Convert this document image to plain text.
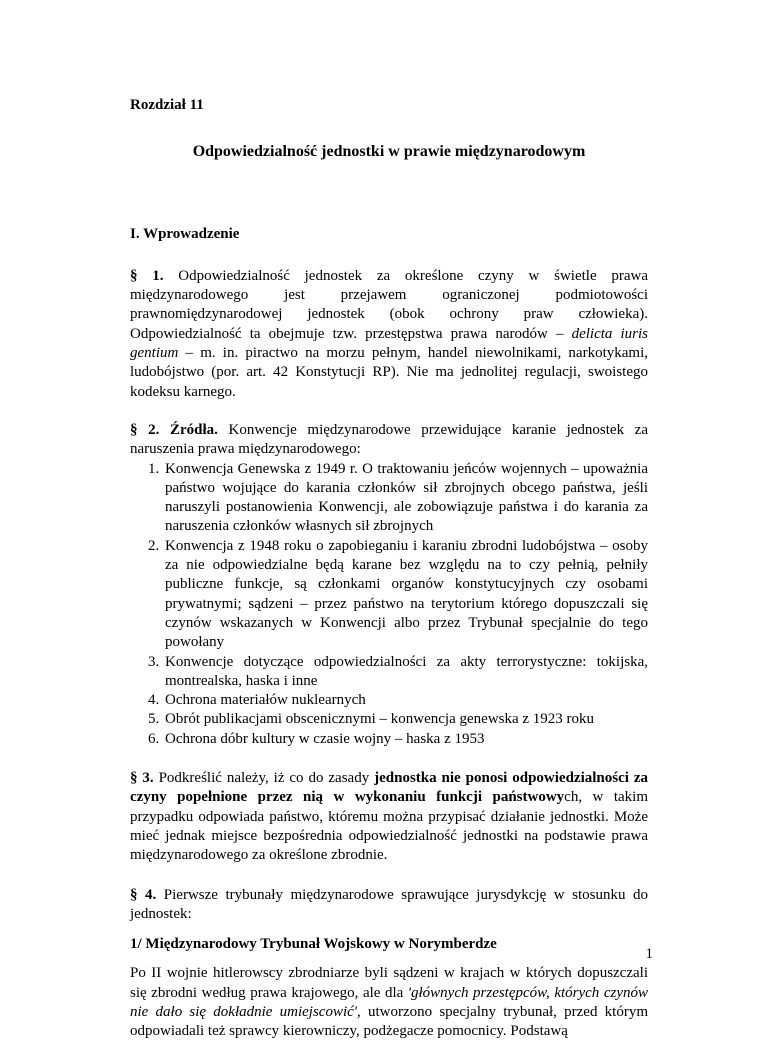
Rozdział 11

Odpowiedzialność jednostki w prawie międzynarodowym

I. Wprowadzenie

§ 1. Odpowiedzialność jednostek za określone czyny w świetle prawa międzynarodowego jest przejawem ograniczonej podmiotowości prawnomiędzynarodowej jednostek (obok ochrony praw człowieka). Odpowiedzialność ta obejmuje tzw. przestępstwa prawa narodów – delicta iuris gentium – m. in. piractwo na morzu pełnym, handel niewolnikami, narkotykami, ludobójstwo (por. art. 42 Konstytucji RP). Nie ma jednolitej regulacji, swoistego kodeksu karnego.

§ 2. Źródła. Konwencje międzynarodowe przewidujące karanie jednostek za naruszenia prawa międzynarodowego:

1. Konwencja Genewska z 1949 r. O traktowaniu jeńców wojennych – upoważnia państwo wojujące do karania członków sił zbrojnych obcego państwa, jeśli naruszyli postanowienia Konwencji, ale zobowiązuje państwa i do karania za naruszenia członków własnych sił zbrojnych
2. Konwencja z 1948 roku o zapobieganiu i karaniu zbrodni ludobójstwa – osoby za nie odpowiedzialne będą karane bez względu na to czy pełnią, pełniły publiczne funkcje, są członkami organów konstytucyjnych czy osobami prywatnymi; sądzeni – przez państwo na terytorium którego dopuszczali się czynów wskazanych w Konwencji albo przez Trybunał specjalnie do tego powołany
3. Konwencje dotyczące odpowiedzialności za akty terrorystyczne: tokijska, montrealska, haska i inne
4. Ochrona materiałów nuklearnych
5. Obrót publikacjami obscenicznymi – konwencja genewska z 1923 roku
6. Ochrona dóbr kultury w czasie wojny – haska z 1953

§ 3. Podkreślić należy, iż co do zasady jednostka nie ponosi odpowiedzialności za czyny popełnione przez nią w wykonaniu funkcji państwowych, w takim przypadku odpowiada państwo, któremu można przypisać działanie jednostki. Może mieć jednak miejsce bezpośrednia odpowiedzialność jednostki na podstawie prawa międzynarodowego za określone zbrodnie.

§ 4. Pierwsze trybunały międzynarodowe sprawujące jurysdykcję w stosunku do jednostek:

1/ Międzynarodowy Trybunał Wojskowy w Norymberdze

Po II wojnie hitlerowscy zbrodniarze byli sądzeni w krajach w których dopuszczali się zbrodni według prawa krajowego, ale dla 'głównych przestępców, których czynów nie dało się dokładnie umiejscowić', utworzono specjalny trybunał, przed którym odpowiadali też sprawcy kierowniczy, podżegacze pomocnicy. Podstawą

1
